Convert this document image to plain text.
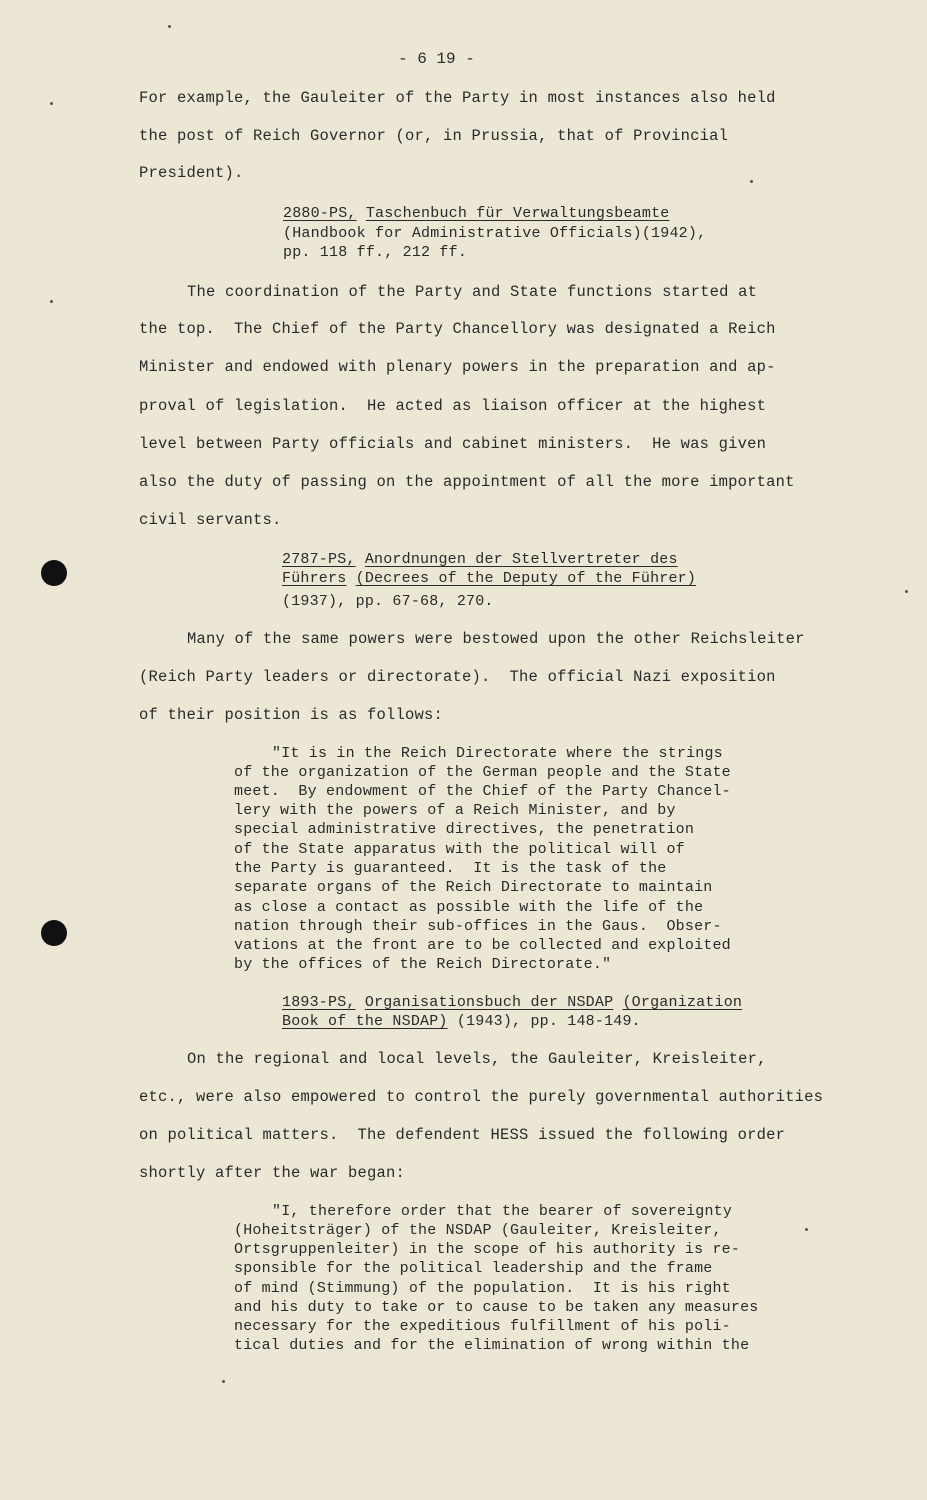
- 6 19 -
For example, the Gauleiter of the Party in most instances also held
the post of Reich Governor (or, in Prussia, that of Provincial
President).
2880-PS, Taschenbuch für Verwaltungsbeamte
(Handbook for Administrative Officials)(1942),
pp. 118 ff., 212 ff.
The coordination of the Party and State functions started at
the top.  The Chief of the Party Chancellory was designated a Reich
Minister and endowed with plenary powers in the preparation and ap-
proval of legislation.  He acted as liaison officer at the highest
level between Party officials and cabinet ministers.  He was given
also the duty of passing on the appointment of all the more important
civil servants.
2787-PS, Anordnungen der Stellvertreter des
Führers (Decrees of the Deputy of the Führer)
(1937), pp. 67-68, 270.
Many of the same powers were bestowed upon the other Reichsleiter
(Reich Party leaders or directorate).  The official Nazi exposition
of their position is as follows:
"It is in the Reich Directorate where the strings
of the organization of the German people and the State
meet.  By endowment of the Chief of the Party Chancel-
lery with the powers of a Reich Minister, and by
special administrative directives, the penetration
of the State apparatus with the political will of
the Party is guaranteed.  It is the task of the
separate organs of the Reich Directorate to maintain
as close a contact as possible with the life of the
nation through their sub-offices in the Gaus.  Obser-
vations at the front are to be collected and exploited
by the offices of the Reich Directorate."
1893-PS, Organisationsbuch der NSDAP (Organization
Book of the NSDAP) (1943), pp. 148-149.
On the regional and local levels, the Gauleiter, Kreisleiter,
etc., were also empowered to control the purely governmental authorities
on political matters.  The defendent HESS issued the following order
shortly after the war began:
"I, therefore order that the bearer of sovereignty
(Hoheitsträger) of the NSDAP (Gauleiter, Kreisleiter,
Ortsgruppenleiter) in the scope of his authority is re-
sponsible for the political leadership and the frame
of mind (Stimmung) of the population.  It is his right
and his duty to take or to cause to be taken any measures
necessary for the expeditious fulfillment of his poli-
tical duties and for the elimination of wrong within the
